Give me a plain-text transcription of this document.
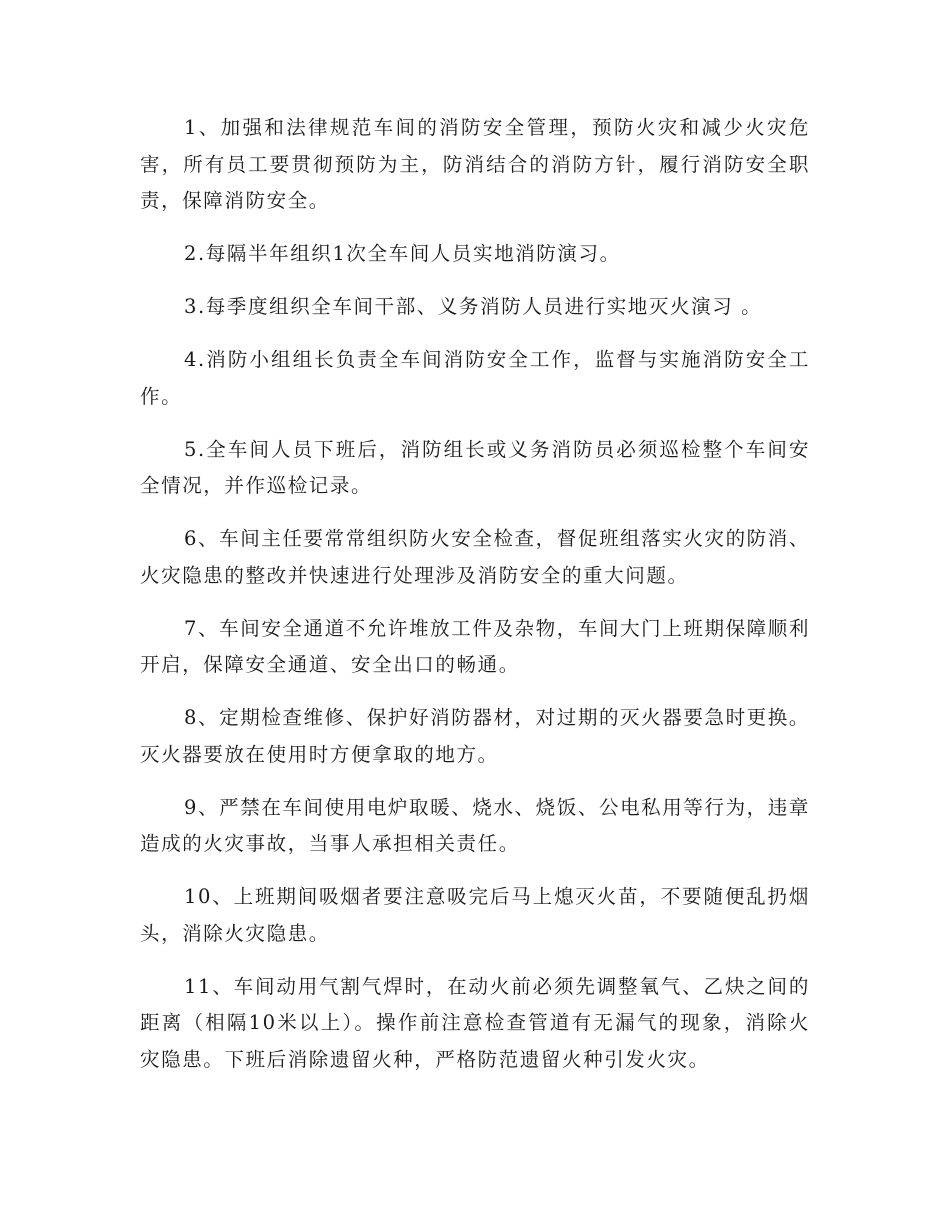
1、加强和法律规范车间的消防安全管理，预防火灾和减少火灾危害，所有员工要贯彻预防为主，防消结合的消防方针，履行消防安全职责，保障消防安全。

2.每隔半年组织1次全车间人员实地消防演习。

3.每季度组织全车间干部、义务消防人员进行实地灭火演习 。

4.消防小组组长负责全车间消防安全工作，监督与实施消防安全工作。

5.全车间人员下班后，消防组长或义务消防员必须巡检整个车间安全情况，并作巡检记录。

6、车间主任要常常组织防火安全检查，督促班组落实火灾的防消、火灾隐患的整改并快速进行处理涉及消防安全的重大问题。

7、车间安全通道不允许堆放工件及杂物，车间大门上班期保障顺利开启，保障安全通道、安全出口的畅通。

8、定期检查维修、保护好消防器材，对过期的灭火器要急时更换。灭火器要放在使用时方便拿取的地方。

9、严禁在车间使用电炉取暖、烧水、烧饭、公电私用等行为，违章造成的火灾事故，当事人承担相关责任。

10、上班期间吸烟者要注意吸完后马上熄灭火苗，不要随便乱扔烟头，消除火灾隐患。

11、车间动用气割气焊时，在动火前必须先调整氧气、乙炔之间的距离（相隔10米以上）。操作前注意检查管道有无漏气的现象，消除火灾隐患。下班后消除遗留火种，严格防范遗留火种引发火灾。
